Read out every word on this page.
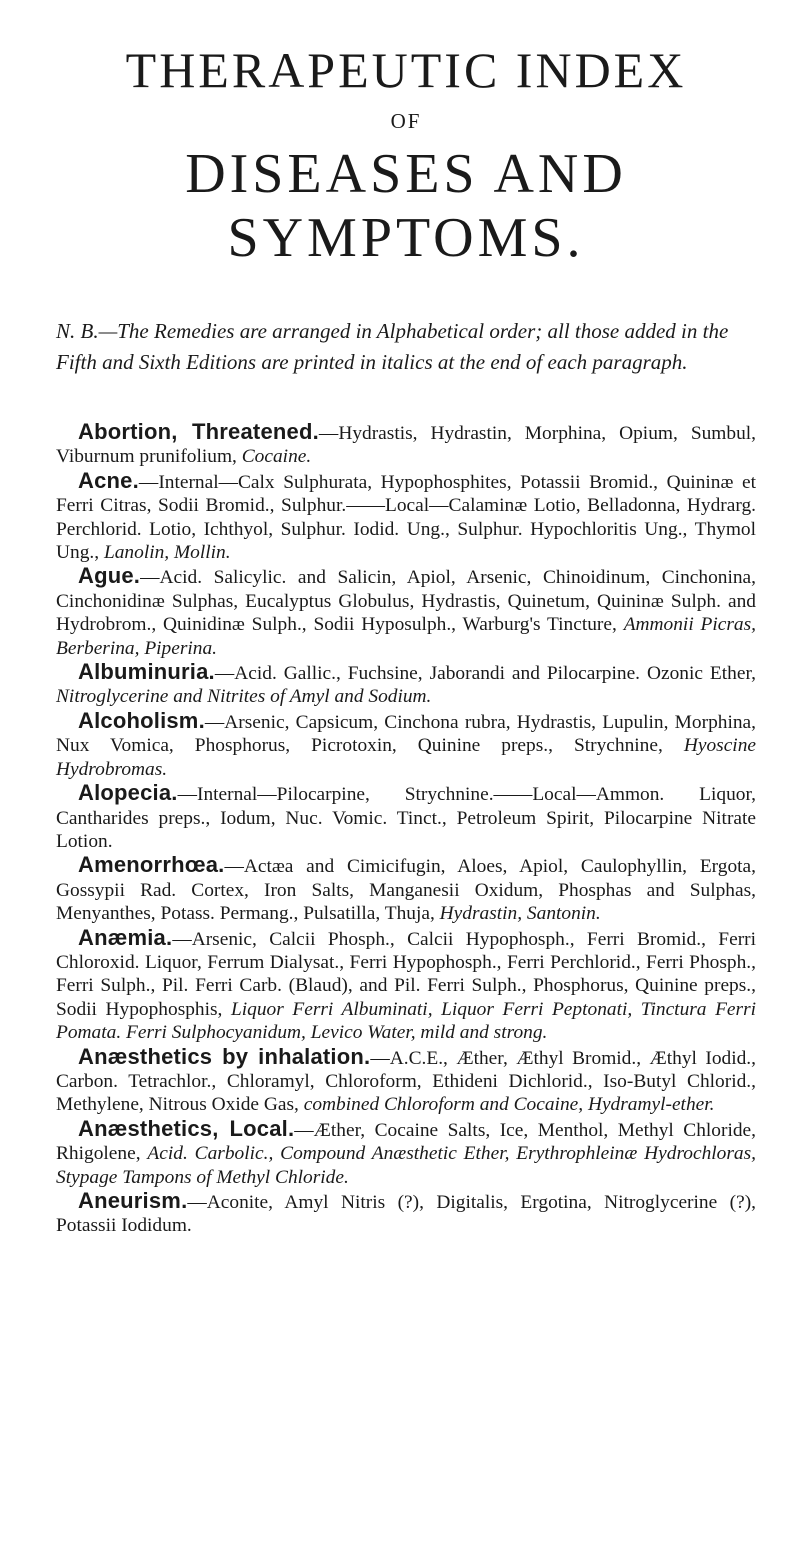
THERAPEUTIC INDEX
OF
DISEASES AND SYMPTOMS.

N. B.—The Remedies are arranged in Alphabetical order; all those added in the Fifth and Sixth Editions are printed in italics at the end of each paragraph.

Abortion, Threatened.—Hydrastis, Hydrastin, Morphina, Opium, Sumbul, Viburnum prunifolium, Cocaine.

Acne.—Internal—Calx Sulphurata, Hypophosphites, Potassii Bromid., Quininæ et Ferri Citras, Sodii Bromid., Sulphur.——Local—Calaminæ Lotio, Belladonna, Hydrarg. Perchlorid. Lotio, Ichthyol, Sulphur. Iodid. Ung., Sulphur. Hypochloritis Ung., Thymol Ung., Lanolin, Mollin.

Ague.—Acid. Salicylic. and Salicin, Apiol, Arsenic, Chinoidinum, Cinchonina, Cinchonidinæ Sulphas, Eucalyptus Globulus, Hydrastis, Quinetum, Quininæ Sulph. and Hydrobrom., Quinidinæ Sulph., Sodii Hyposulph., Warburg's Tincture, Ammonii Picras, Berberina, Piperina.

Albuminuria.—Acid. Gallic., Fuchsine, Jaborandi and Pilocarpine. Ozonic Ether, Nitroglycerine and Nitrites of Amyl and Sodium.

Alcoholism.—Arsenic, Capsicum, Cinchona rubra, Hydrastis, Lupulin, Morphina, Nux Vomica, Phosphorus, Picrotoxin, Quinine preps., Strychnine, Hyoscine Hydrobromas.

Alopecia.—Internal—Pilocarpine, Strychnine.——Local—Ammon. Liquor, Cantharides preps., Iodum, Nuc. Vomic. Tinct., Petroleum Spirit, Pilocarpine Nitrate Lotion.

Amenorrhœa.—Actæa and Cimicifugin, Aloes, Apiol, Caulophyllin, Ergota, Gossypii Rad. Cortex, Iron Salts, Manganesii Oxidum, Phosphas and Sulphas, Menyanthes, Potass. Permang., Pulsatilla, Thuja, Hydrastin, Santonin.

Anæmia.—Arsenic, Calcii Phosph., Calcii Hypophosph., Ferri Bromid., Ferri Chloroxid. Liquor, Ferrum Dialysat., Ferri Hypophosph., Ferri Perchlorid., Ferri Phosph., Ferri Sulph., Pil. Ferri Carb. (Blaud), and Pil. Ferri Sulph., Phosphorus, Quinine preps., Sodii Hypophosphis, Liquor Ferri Albuminati, Liquor Ferri Peptonati, Tinctura Ferri Pomata. Ferri Sulphocyanidum, Levico Water, mild and strong.

Anæsthetics by inhalation.—A.C.E., Æther, Æthyl Bromid., Æthyl Iodid., Carbon. Tetrachlor., Chloramyl, Chloroform, Ethideni Dichlorid., Iso-Butyl Chlorid., Methylene, Nitrous Oxide Gas, combined Chloroform and Cocaine, Hydramyl-ether.

Anæsthetics, Local.—Æther, Cocaine Salts, Ice, Menthol, Methyl Chloride, Rhigolene, Acid. Carbolic., Compound Anæsthetic Ether, Erythrophleinæ Hydrochloras, Stypage Tampons of Methyl Chloride.

Aneurism.—Aconite, Amyl Nitris (?), Digitalis, Ergotina, Nitroglycerine (?), Potassii Iodidum.
